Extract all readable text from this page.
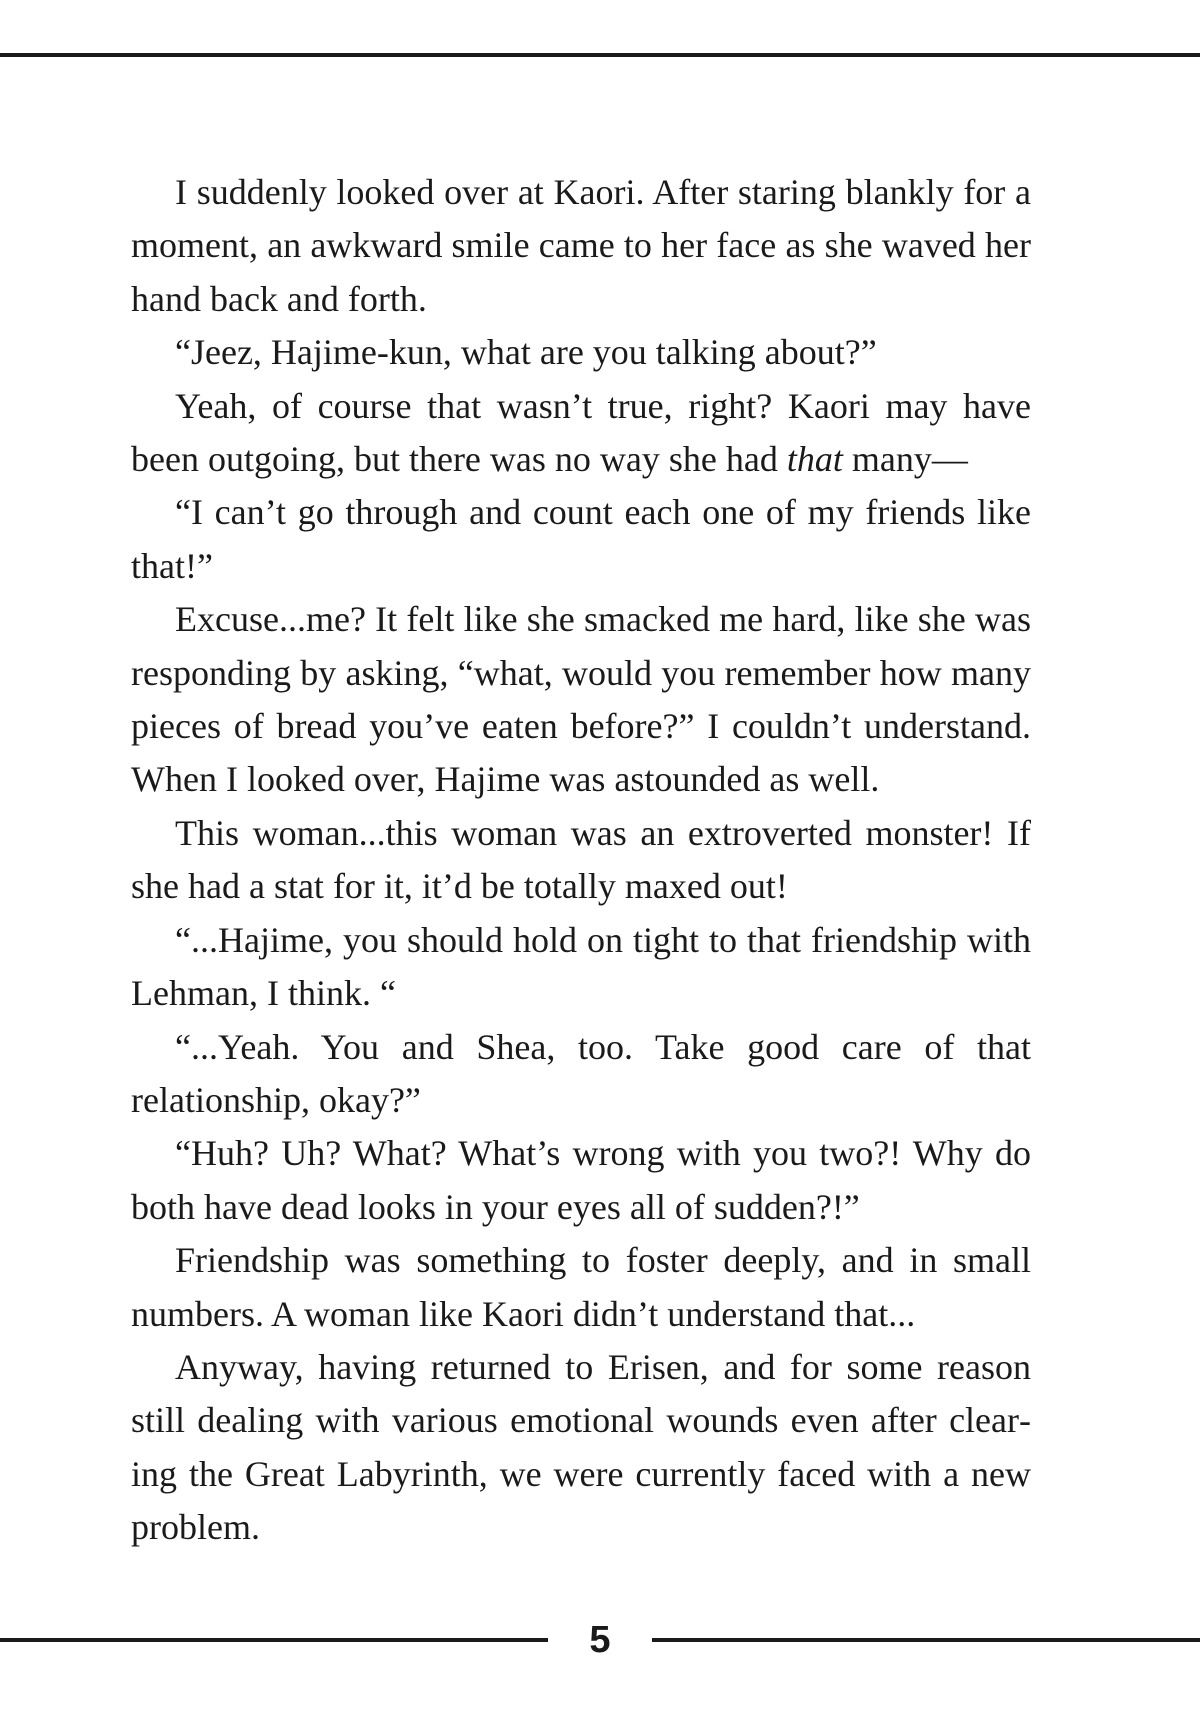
I suddenly looked over at Kaori. After staring blankly for a moment, an awkward smile came to her face as she waved her hand back and forth.

“Jeez, Hajime-kun, what are you talking about?”

Yeah, of course that wasn’t true, right? Kaori may have been outgoing, but there was no way she had that many—

“I can’t go through and count each one of my friends like that!”

Excuse...me? It felt like she smacked me hard, like she was responding by asking, “what, would you remember how many pieces of bread you’ve eaten before?” I couldn’t understand. When I looked over, Hajime was astounded as well.

This woman...this woman was an extroverted monster! If she had a stat for it, it’d be totally maxed out!

“...Hajime, you should hold on tight to that friendship with Lehman, I think. “

“...Yeah. You and Shea, too. Take good care of that relationship, okay?”

“Huh? Uh? What? What’s wrong with you two?! Why do both have dead looks in your eyes all of sudden?!”

Friendship was something to foster deeply, and in small numbers. A woman like Kaori didn’t understand that...

Anyway, having returned to Erisen, and for some reason still dealing with various emotional wounds even after clearing the Great Labyrinth, we were currently faced with a new problem.

5
